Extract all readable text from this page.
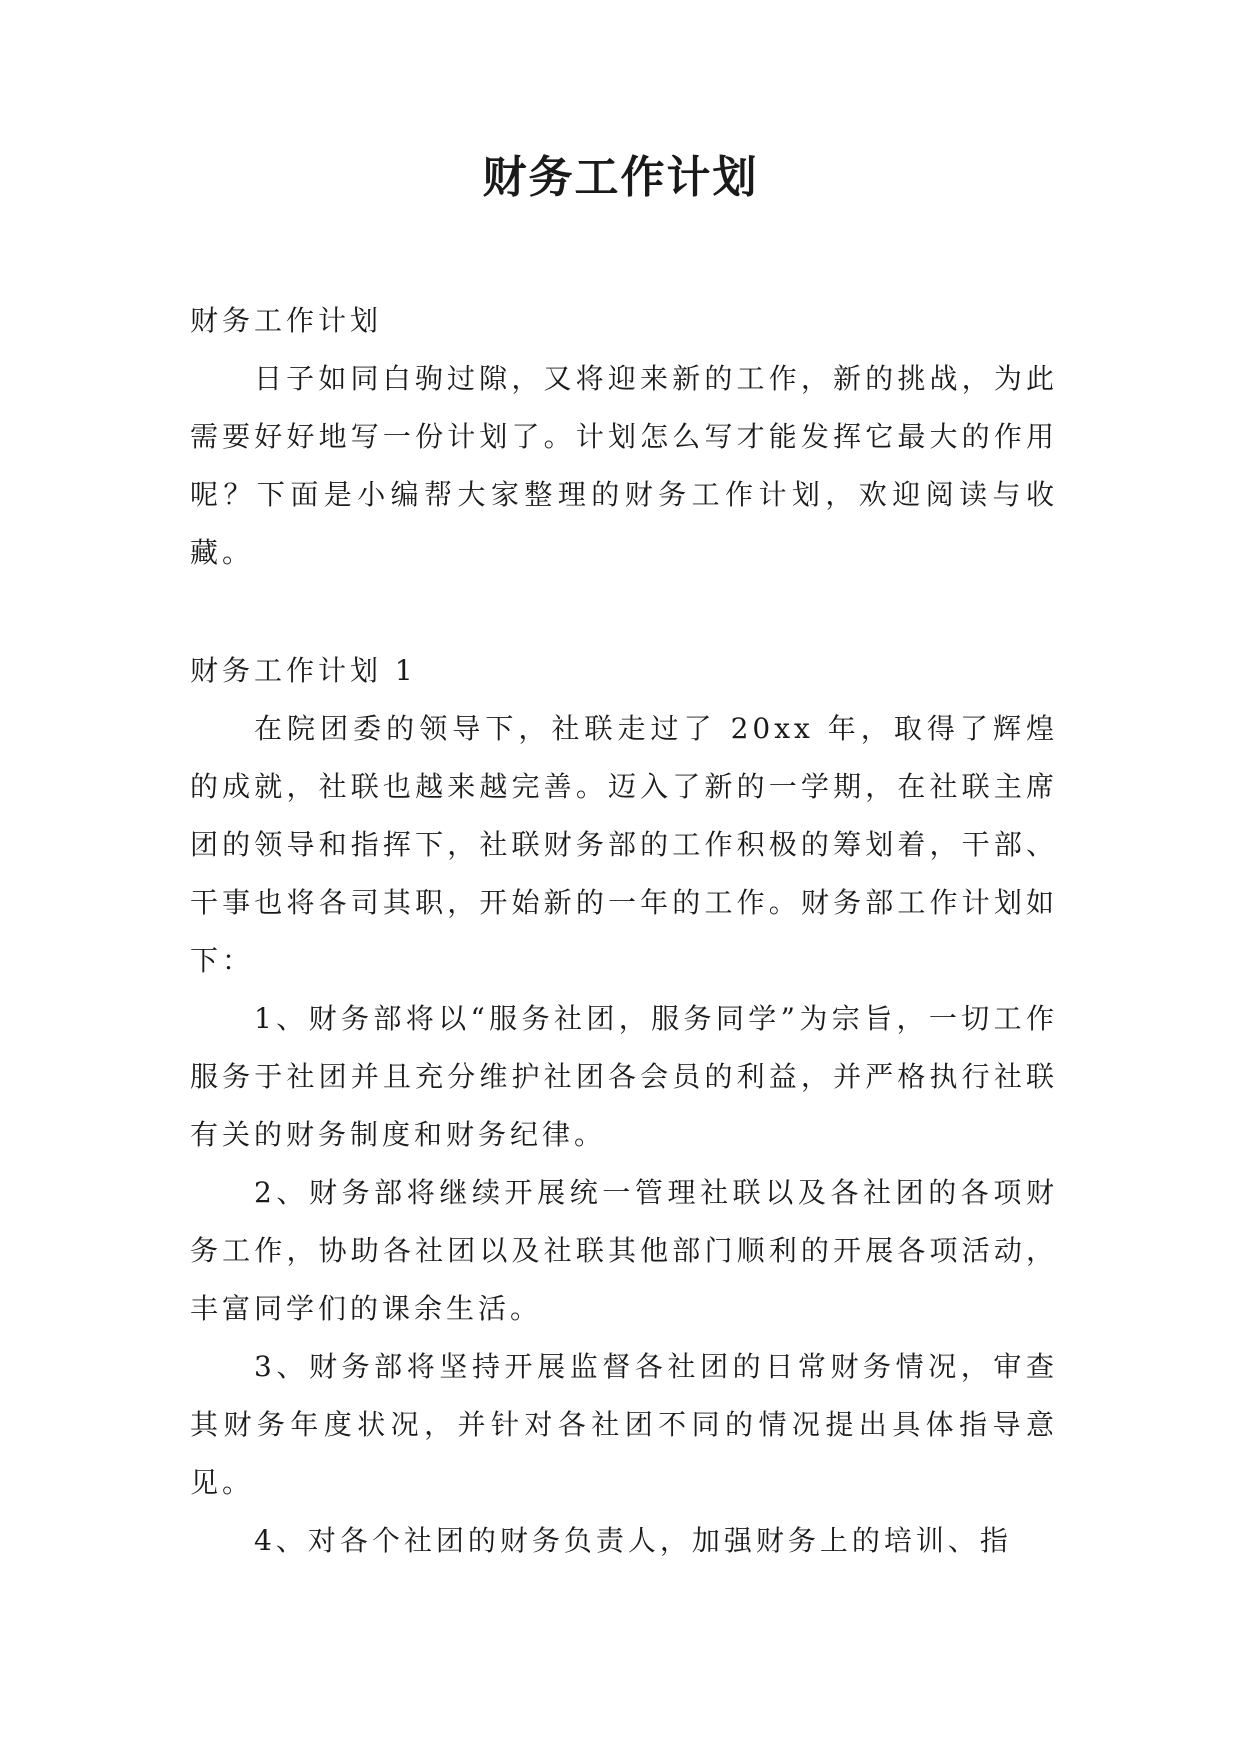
财务工作计划

财务工作计划

日子如同白驹过隙，又将迎来新的工作，新的挑战，为此需要好好地写一份计划了。计划怎么写才能发挥它最大的作用呢？下面是小编帮大家整理的财务工作计划，欢迎阅读与收藏。

财务工作计划 1

在院团委的领导下，社联走过了 20xx 年，取得了辉煌的成就，社联也越来越完善。迈入了新的一学期，在社联主席团的领导和指挥下，社联财务部的工作积极的筹划着，干部、干事也将各司其职，开始新的一年的工作。财务部工作计划如下：

1、财务部将以“服务社团，服务同学”为宗旨，一切工作服务于社团并且充分维护社团各会员的利益，并严格执行社联有关的财务制度和财务纪律。

2、财务部将继续开展统一管理社联以及各社团的各项财务工作，协助各社团以及社联其他部门顺利的开展各项活动，丰富同学们的课余生活。

3、财务部将坚持开展监督各社团的日常财务情况，审查其财务年度状况，并针对各社团不同的情况提出具体指导意见。

4、对各个社团的财务负责人，加强财务上的培训、指
